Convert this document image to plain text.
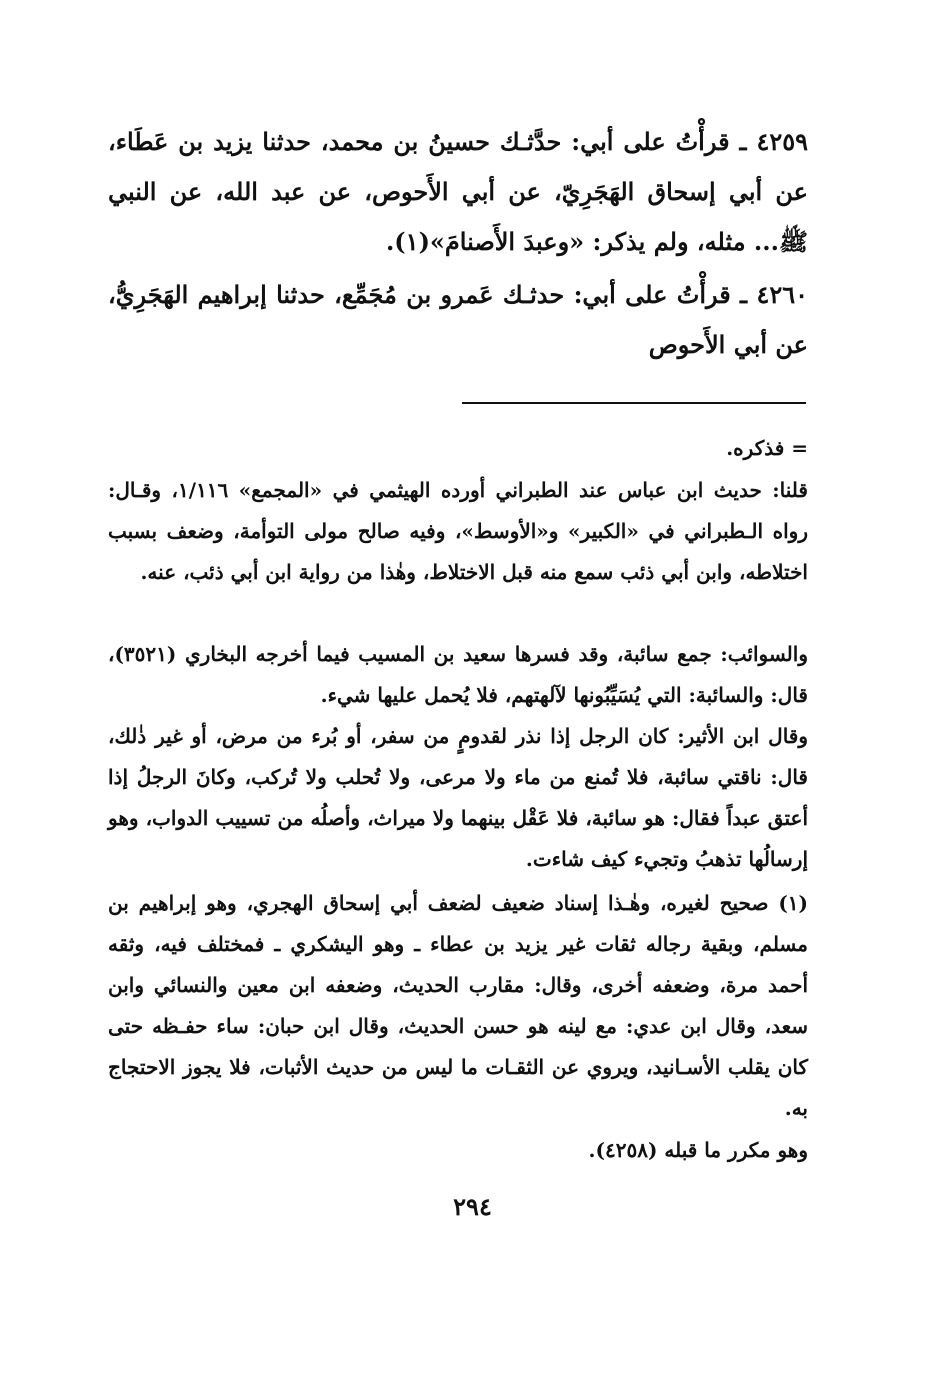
٤٢٥٩ ـ قرأْتُ على أبي: حدَّثـك حسينُ بن محمد، حدثنا يزيد بن عَطَاء، عن أبي إسحاق الهَجَرِيّ، عن أبي الأَحوص، عن عبد الله، عن النبي ﷺ... مثله، ولم يذكر: «وعبدَ الأَصنامَ»(١).

٤٢٦٠ ـ قرأْتُ على أبي: حدثـك عَمرو بن مُجَمِّع، حدثنا إبراهيم الهَجَرِيُّ، عن أبي الأَحوص

= فذكره.

قلنا: حديث ابن عباس عند الطبراني أورده الهيثمي في «المجمع» ١/١١٦، وقـال: رواه الـطبراني في «الكبير» و«الأوسط»، وفيه صالح مولى التوأمة، وضعف بسبب اختلاطه، وابن أبي ذئب سمع منه قبل الاختلاط، وهٰذا من رواية ابن أبي ذئب، عنه.

والسوائب: جمع سائبة، وقد فسرها سعيد بن المسيب فيما أخرجه البخاري (٣٥٢١)، قال: والسائبة: التي يُسَيِّبُونها لآلهتهم، فلا يُحمل عليها شيء.

وقال ابن الأثير: كان الرجل إذا نذر لقدومٍ من سفر، أو بُرء من مرض، أو غير ذٰلك، قال: ناقتي سائبة، فلا تُمنع من ماء ولا مرعى، ولا تُحلب ولا تُركب، وكانَ الرجلُ إذا أعتق عبداً فقال: هو سائبة، فلا عَقْل بينهما ولا ميراث، وأصلُه من تسييب الدواب، وهو إرسالُها تذهبُ وتجيء كيف شاءت.

(١) صحيح لغيره، وهٰـذا إسناد ضعيف لضعف أبي إسحاق الهجري، وهو إبراهيم بن مسلم، وبقية رجاله ثقات غير يزيد بن عطاء ـ وهو اليشكري ـ فمختلف فيه، وثقه أحمد مرة، وضعفه أخرى، وقال: مقارب الحديث، وضعفه ابن معين والنسائي وابن سعد، وقال ابن عدي: مع لينه هو حسن الحديث، وقال ابن حبان: ساء حفـظه حتى كان يقلب الأسـانيد، ويروي عن الثقـات ما ليس من حديث الأثبات، فلا يجوز الاحتجاج به.

وهو مكرر ما قبله (٤٢٥٨).

٢٩٤
